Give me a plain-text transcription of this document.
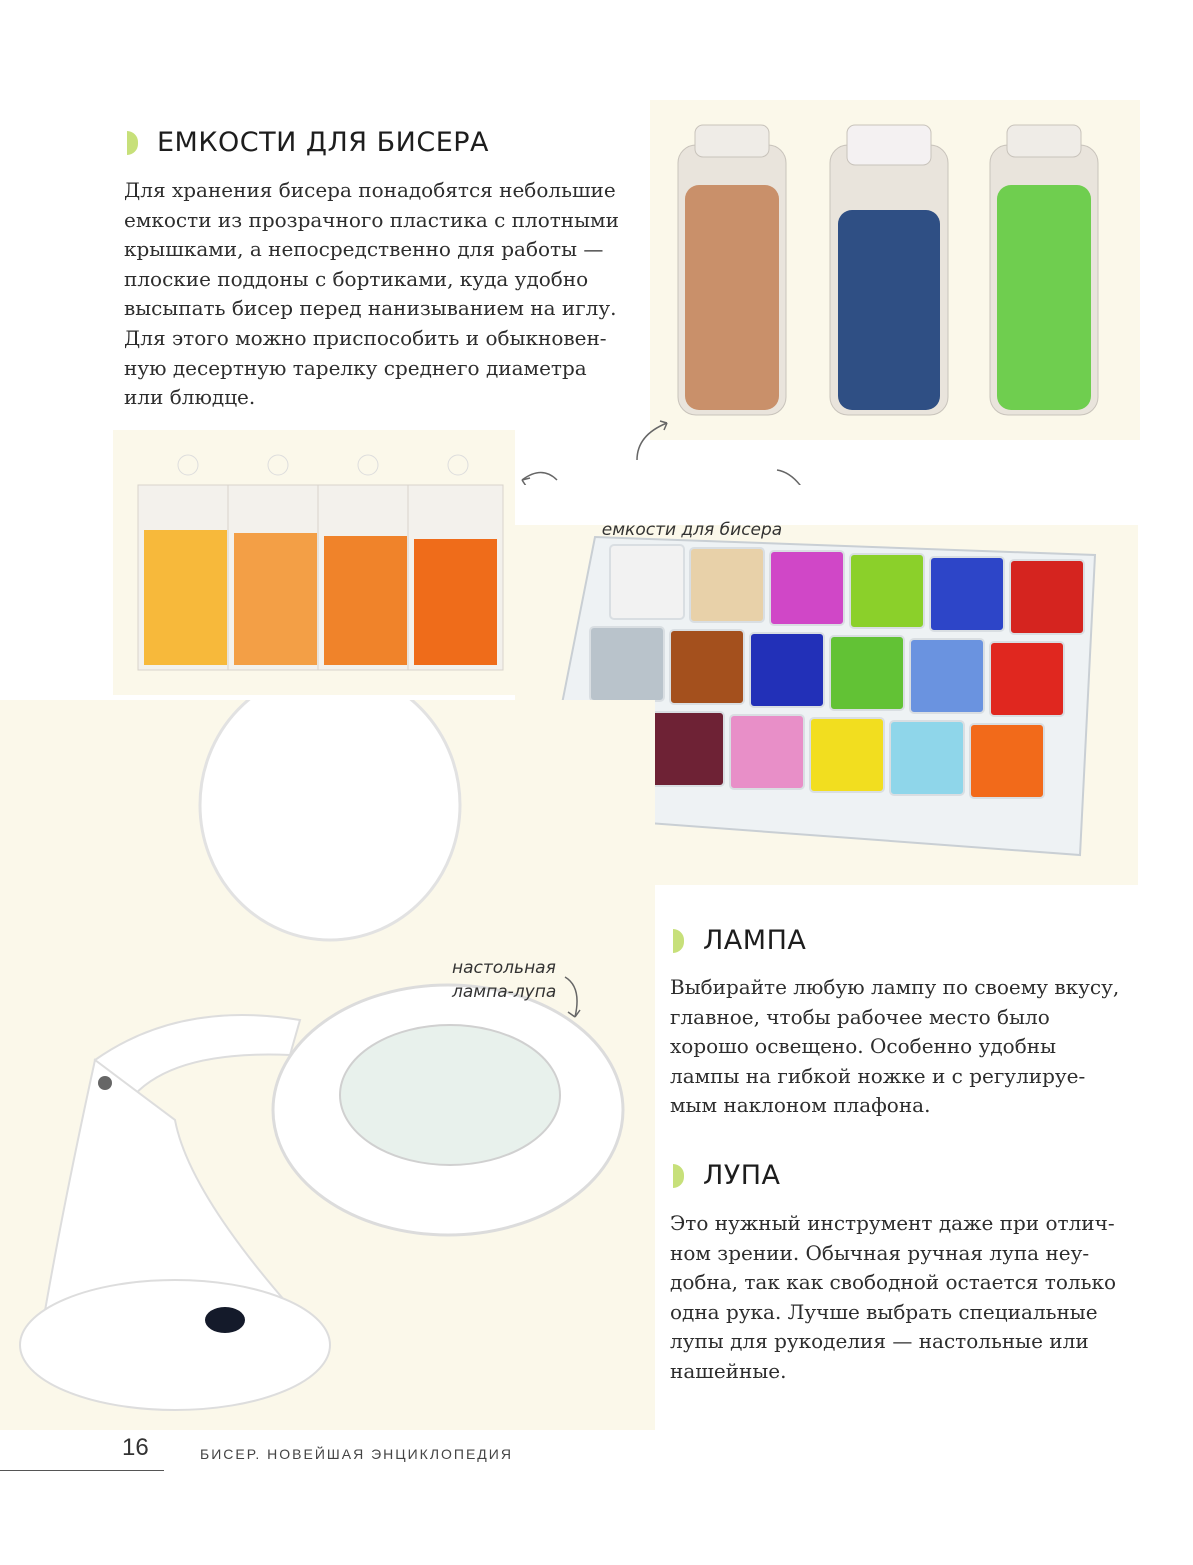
ЕМКОСТИ ДЛЯ БИСЕРА
Для хранения бисера понадобятся небольшие
емкости из прозрачного пластика с плотными
крышками, а непосредственно для работы —
плоские поддоны с бортиками, куда удобно
высыпать бисер перед нанизыванием на иглу.
Для этого можно приспособить и обыкновен-
ную десертную тарелку среднего диаметра
или блюдце.

емкости для бисера

настольная
лампа-лупа

ЛАМПА
Выбирайте любую лампу по своему вкусу,
главное, чтобы рабочее место было
хорошо освещено. Особенно удобны
лампы на гибкой ножке и с регулируе-
мым наклоном плафона.
ЛУПА
Это нужный инструмент даже при отлич-
ном зрении. Обычная ручная лупа неу-
добна, так как свободной остается только
одна рука. Лучше выбрать специальные
лупы для рукоделия — настольные или
нашейные.
16	БИСЕР. НОВЕЙШАЯ ЭНЦИКЛОПЕДИЯ
